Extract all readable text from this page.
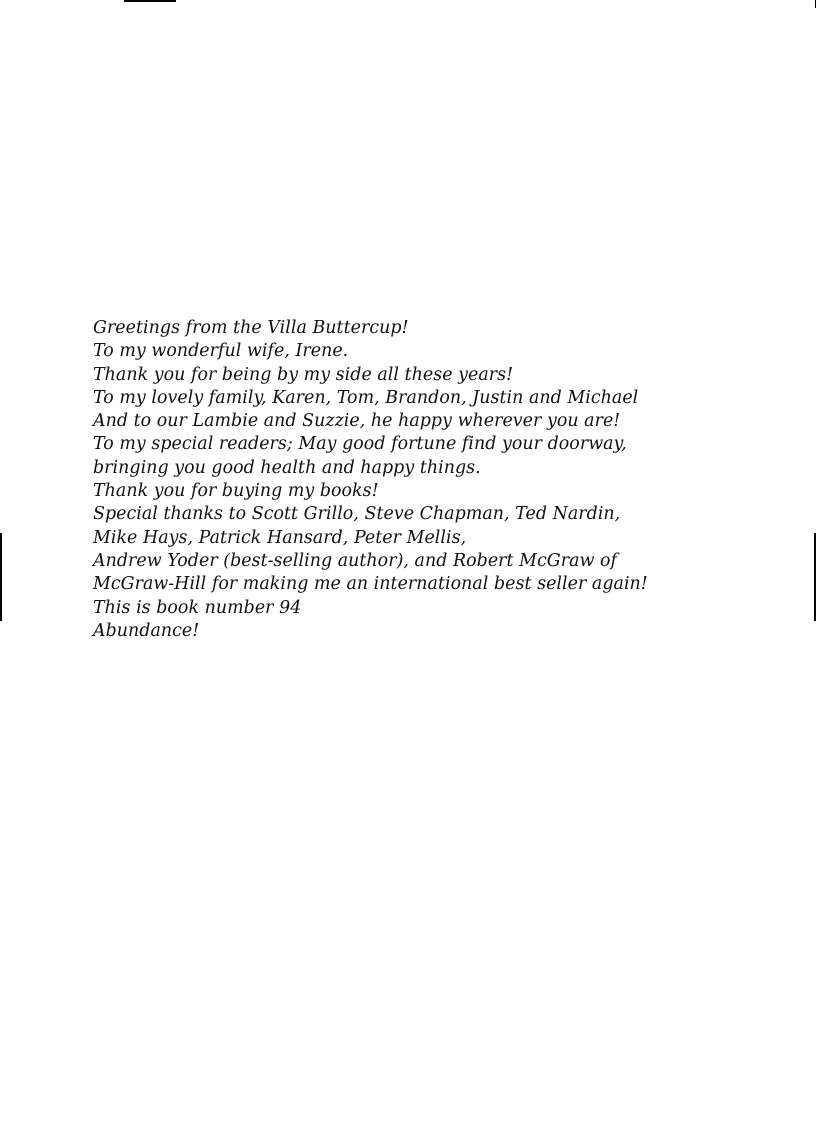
Greetings from the Villa Buttercup!
To my wonderful wife, Irene.
Thank you for being by my side all these years!
To my lovely family, Karen, Tom, Brandon, Justin and Michael
And to our Lambie and Suzzie, he happy wherever you are!
To my special readers; May good fortune find your doorway,
bringing you good health and happy things.
Thank you for buying my books!
Special thanks to Scott Grillo, Steve Chapman, Ted Nardin,
Mike Hays, Patrick Hansard, Peter Mellis,
Andrew Yoder (best-selling author), and Robert McGraw of
McGraw-Hill for making me an international best seller again!
This is book number 94
Abundance!
